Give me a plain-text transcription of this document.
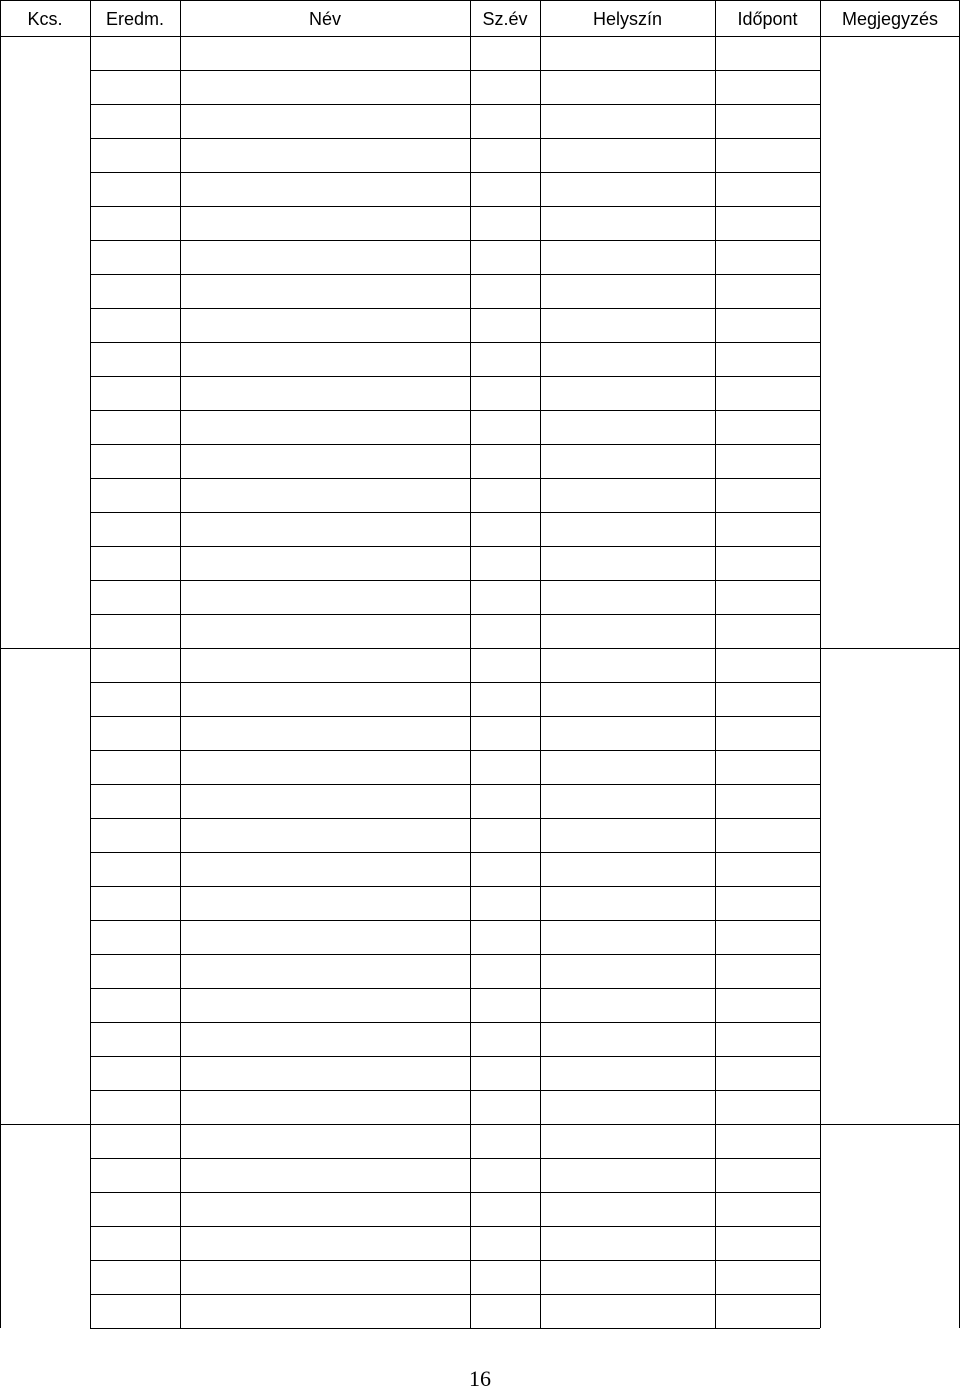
Kcs.	Eredm.	Név	Sz.év	Helyszín	Időpont	Megjegyzés
16
